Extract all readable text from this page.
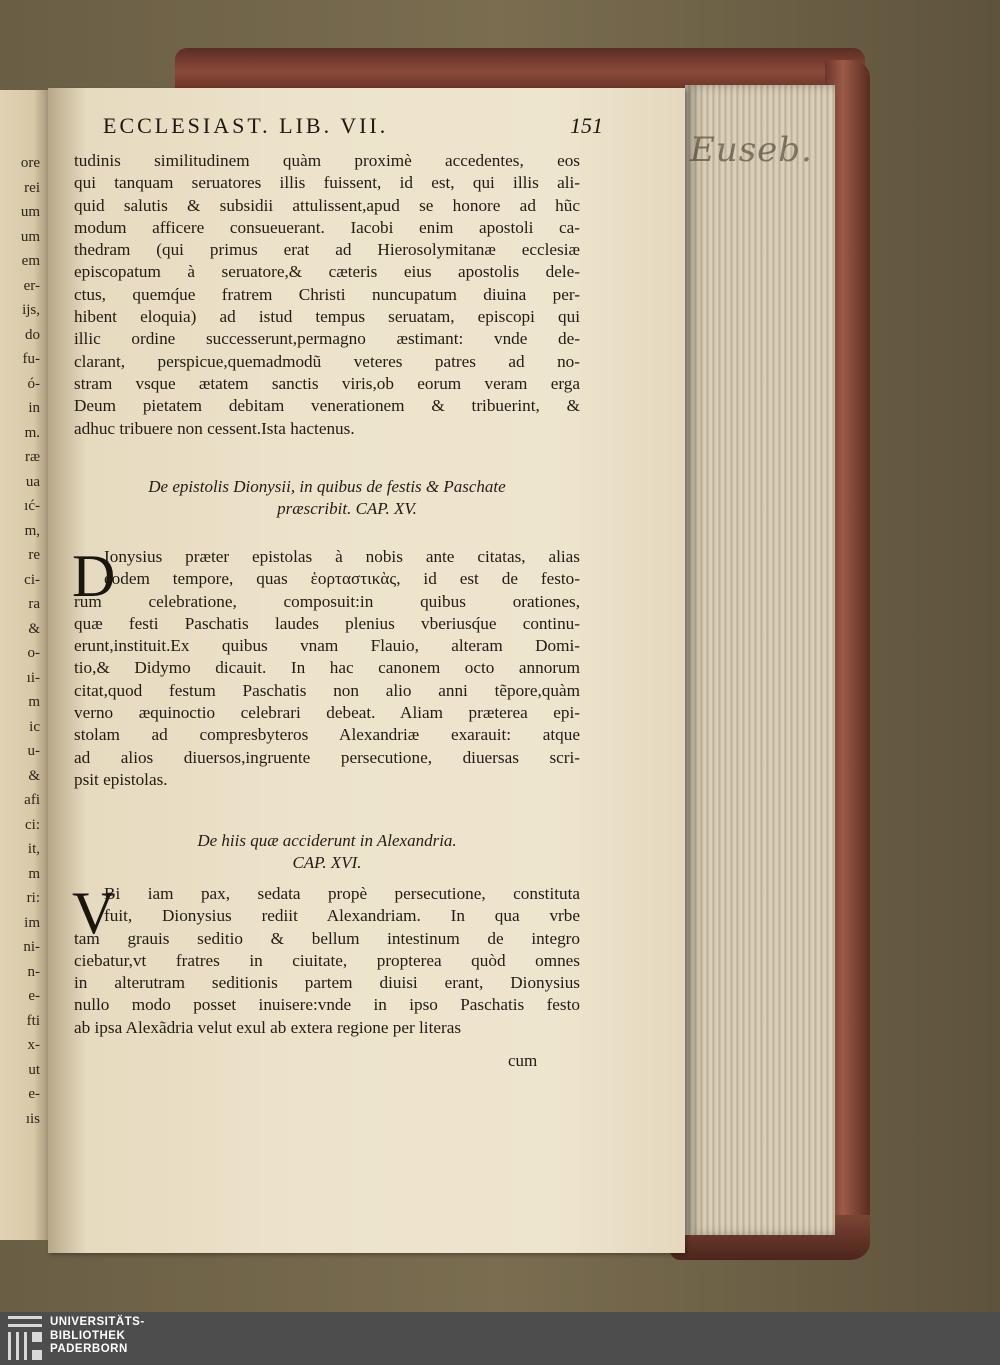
Euseb.
ore
rei
um
um
em
er-
ijs,
do
fu-
ó-
in
m.
ræ
ua
ıć-
m,
re
ci-
ra
&
o-
ıi-
m
ic
u-
&
afi
ci:
it,
m
ri:
im
ni-
n-
e-
fti
x-
ut
e-
ıis
ECCLESIAST. LIB. VII.	151
tudinis similitudinem quàm proximè accedentes, eos
qui tanquam seruatores illis fuissent, id est, qui illis ali-
quid salutis & subsidii attulissent,apud se honore ad hũc
modum afficere consueuerant. Iacobi enim apostoli ca-
thedram (qui primus erat ad Hierosolymitanæ ecclesiæ
episcopatum à seruatore,& cæteris eius apostolis dele-
ctus, quemq́ue fratrem Christi nuncupatum diuina per-
hibent eloquia) ad istud tempus seruatam, episcopi qui
illic ordine successerunt,permagno æstimant: vnde de-
clarant, perspicue,quemadmodũ veteres patres ad no-
stram vsque ætatem sanctis viris,ob eorum veram erga
Deum pietatem debitam venerationem & tribuerint, &
adhuc tribuere non cessent.Ista hactenus.
De epistolis Dionysii, in quibus de festis & Paschate
præscribit. CAP. XV.
D
Ionysius præter epistolas à nobis ante citatas, alias
eodem tempore, quas ἑορταστικὰς, id est de festo-
rum celebratione, composuit:in quibus orationes,
quæ festi Paschatis laudes plenius vberiusq́ue continu-
erunt,instituit.Ex quibus vnam Flauio, alteram Domi-
tio,& Didymo dicauit. In hac canonem octo annorum
citat,quod festum Paschatis non alio anni tẽpore,quàm
verno æquinoctio celebrari debeat. Aliam præterea epi-
stolam ad compresbyteros Alexandriæ exarauit: atque
ad alios diuersos,ingruente persecutione, diuersas scri-
psit epistolas.
De hiis quæ acciderunt in Alexandria.
CAP. XVI.
V
Bi iam pax, sedata propè persecutione, constituta
fuit, Dionysius rediit Alexandriam. In qua vrbe
tam grauis seditio & bellum intestinum de integro
ciebatur,vt fratres in ciuitate, propterea quòd omnes
in alterutram seditionis partem diuisi erant, Dionysius
nullo modo posset inuisere:vnde in ipso Paschatis festo
ab ipsa Alexãdria velut exul ab extera regione per literas
cum
UNIVERSITÄTS-
BIBLIOTHEK
PADERBORN
